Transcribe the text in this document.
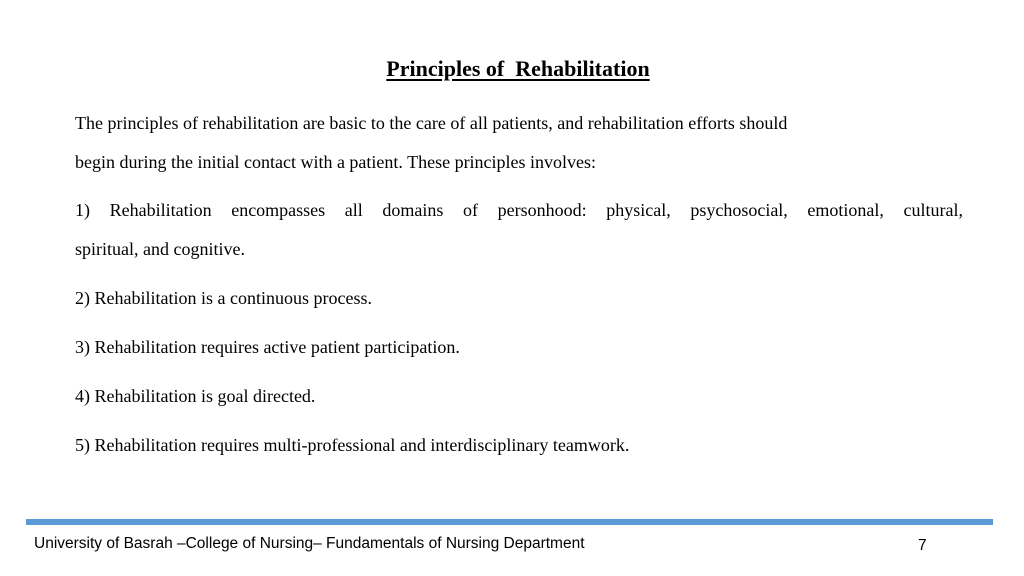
Principles of  Rehabilitation
The principles of rehabilitation are basic to the care of all patients, and rehabilitation efforts should
begin during the initial contact with a patient. These principles involves:
1) Rehabilitation encompasses all domains of personhood: physical, psychosocial, emotional, cultural,
spiritual, and cognitive.
2) Rehabilitation is a continuous process.
3) Rehabilitation requires active patient participation.
4) Rehabilitation is goal directed.
5) Rehabilitation requires multi-professional and interdisciplinary teamwork.
University of Basrah –College of Nursing– Fundamentals of Nursing Department	7
